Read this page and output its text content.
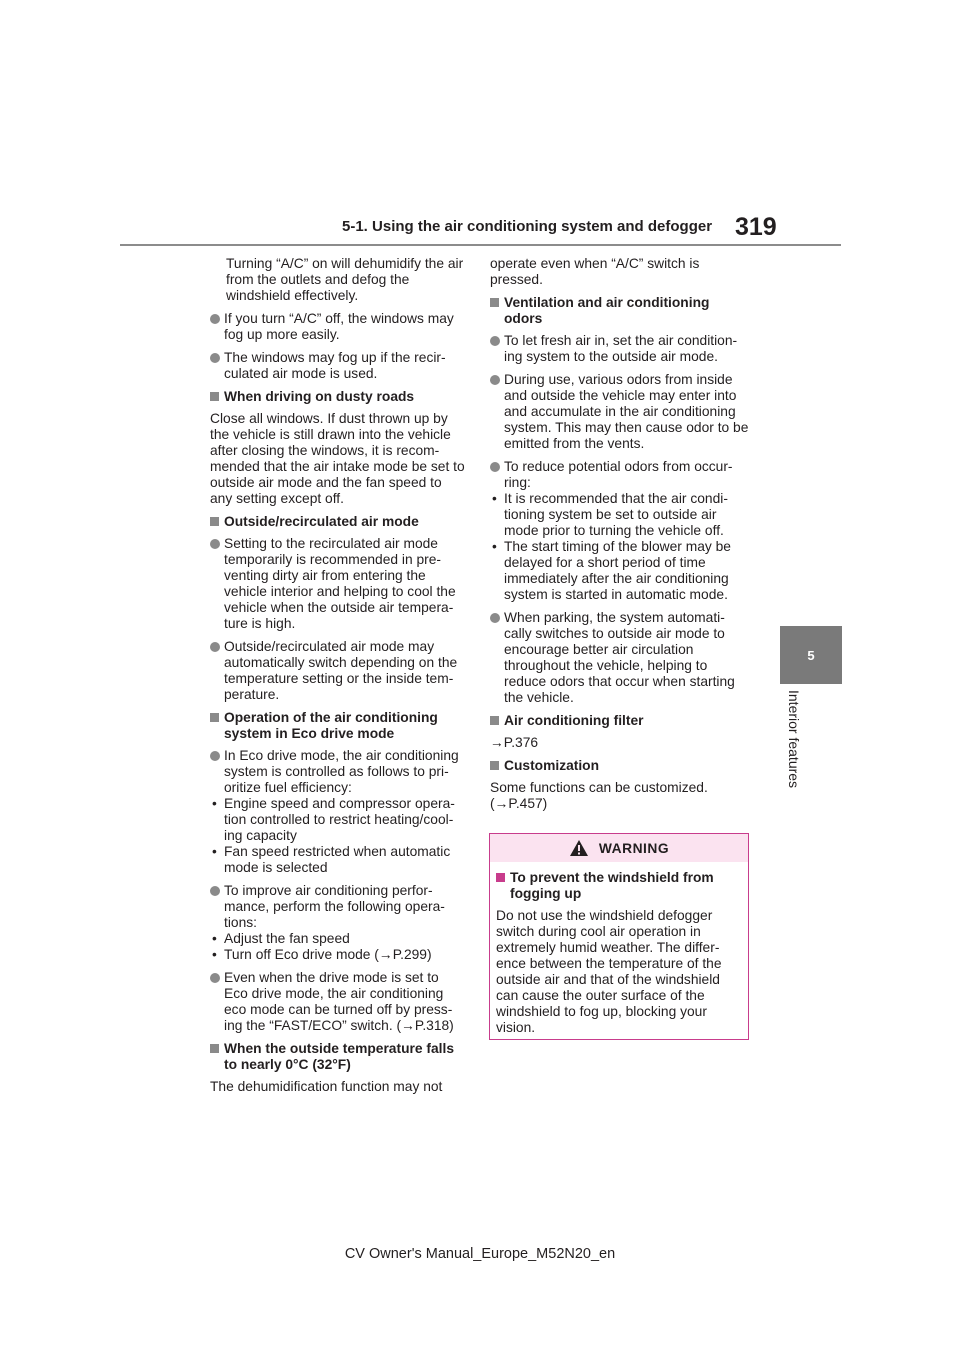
5-1. Using the air conditioning system and defogger 319
5
Interior features

Turning “A/C” on will dehumidify the air from the outlets and defog the windshield effectively.

If you turn “A/C” off, the windows may fog up more easily.

The windows may fog up if the recir-culated air mode is used.

When driving on dusty roads

Close all windows. If dust thrown up by the vehicle is still drawn into the vehicle after closing the windows, it is recom-mended that the air intake mode be set to outside air mode and the fan speed to any setting except off.

Outside/recirculated air mode

Setting to the recirculated air mode temporarily is recommended in pre-venting dirty air from entering the vehicle interior and helping to cool the vehicle when the outside air tempera-ture is high.

Outside/recirculated air mode may automatically switch depending on the temperature setting or the inside tem-perature.

Operation of the air conditioning system in Eco drive mode

In Eco drive mode, the air conditioning system is controlled as follows to pri-oritize fuel efficiency:

• Engine speed and compressor opera-tion controlled to restrict heating/cool-ing capacity

• Fan speed restricted when automatic mode is selected

To improve air conditioning perfor-mance, perform the following opera-tions:

• Adjust the fan speed

• Turn off Eco drive mode (→P.299)

Even when the drive mode is set to Eco drive mode, the air conditioning eco mode can be turned off by press-ing the “FAST/ECO” switch. (→P.318)

When the outside temperature falls to nearly 0°C (32°F)

The dehumidification function may not

operate even when “A/C” switch is pressed.

Ventilation and air conditioning odors

To let fresh air in, set the air condition-ing system to the outside air mode.

During use, various odors from inside and outside the vehicle may enter into and accumulate in the air conditioning system. This may then cause odor to be emitted from the vents.

To reduce potential odors from occur-ring:

• It is recommended that the air condi-tioning system be set to outside air mode prior to turning the vehicle off.

• The start timing of the blower may be delayed for a short period of time immediately after the air conditioning system is started in automatic mode.

When parking, the system automati-cally switches to outside air mode to encourage better air circulation throughout the vehicle, helping to reduce odors that occur when starting the vehicle.

Air conditioning filter

→P.376

Customization

Some functions can be customized. (→P.457)

WARNING

To prevent the windshield from fogging up

Do not use the windshield defogger switch during cool air operation in extremely humid weather. The differ-ence between the temperature of the outside air and that of the windshield can cause the outer surface of the windshield to fog up, blocking your vision.

CV Owner's Manual_Europe_M52N20_en
